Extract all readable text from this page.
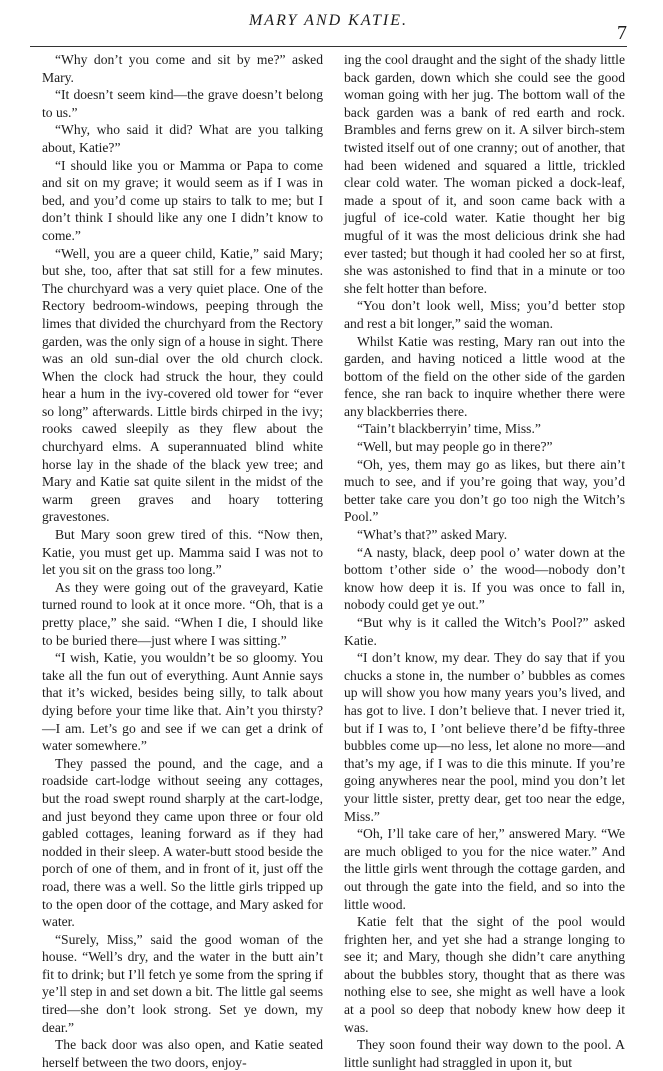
MARY AND KATIE.
7

“Why don’t you come and sit by me?” asked Mary.

“It doesn’t seem kind—the grave doesn’t belong to us.”

“Why, who said it did? What are you talking about, Katie?”

“I should like you or Mamma or Papa to come and sit on my grave; it would seem as if I was in bed, and you’d come up stairs to talk to me; but I don’t think I should like any one I didn’t know to come.”

“Well, you are a queer child, Katie,” said Mary; but she, too, after that sat still for a few minutes. The churchyard was a very quiet place. One of the Rectory bedroom-windows, peeping through the limes that divided the churchyard from the Rectory garden, was the only sign of a house in sight. There was an old sun-dial over the old church clock. When the clock had struck the hour, they could hear a hum in the ivy-covered old tower for “ever so long” afterwards. Little birds chirped in the ivy; rooks cawed sleepily as they flew about the churchyard elms. A superannuated blind white horse lay in the shade of the black yew tree; and Mary and Katie sat quite silent in the midst of the warm green graves and hoary tottering gravestones.

But Mary soon grew tired of this. “Now then, Katie, you must get up. Mamma said I was not to let you sit on the grass too long.”

As they were going out of the graveyard, Katie turned round to look at it once more. “Oh, that is a pretty place,” she said. “When I die, I should like to be buried there—just where I was sitting.”

“I wish, Katie, you wouldn’t be so gloomy. You take all the fun out of everything. Aunt Annie says that it’s wicked, besides being silly, to talk about dying before your time like that. Ain’t you thirsty?—I am. Let’s go and see if we can get a drink of water somewhere.”

They passed the pound, and the cage, and a roadside cart-lodge without seeing any cottages, but the road swept round sharply at the cart-lodge, and just beyond they came upon three or four old gabled cottages, leaning forward as if they had nodded in their sleep. A water-butt stood beside the porch of one of them, and in front of it, just off the road, there was a well. So the little girls tripped up to the open door of the cottage, and Mary asked for water.

“Surely, Miss,” said the good woman of the house. “Well’s dry, and the water in the butt ain’t fit to drink; but I’ll fetch ye some from the spring if ye’ll step in and set down a bit. The little gal seems tired—she don’t look strong. Set ye down, my dear.”

The back door was also open, and Katie seated herself between the two doors, enjoy-

ing the cool draught and the sight of the shady little back garden, down which she could see the good woman going with her jug. The bottom wall of the back garden was a bank of red earth and rock. Brambles and ferns grew on it. A silver birch-stem twisted itself out of one cranny; out of another, that had been widened and squared a little, trickled clear cold water. The woman picked a dock-leaf, made a spout of it, and soon came back with a jugful of ice-cold water. Katie thought her big mugful of it was the most delicious drink she had ever tasted; but though it had cooled her so at first, she was astonished to find that in a minute or too she felt hotter than before.

“You don’t look well, Miss; you’d better stop and rest a bit longer,” said the woman.

Whilst Katie was resting, Mary ran out into the garden, and having noticed a little wood at the bottom of the field on the other side of the garden fence, she ran back to inquire whether there were any blackberries there.

“Tain’t blackberryin’ time, Miss.”

“Well, but may people go in there?”

“Oh, yes, them may go as likes, but there ain’t much to see, and if you’re going that way, you’d better take care you don’t go too nigh the Witch’s Pool.”

“What’s that?” asked Mary.

“A nasty, black, deep pool o’ water down at the bottom t’other side o’ the wood—nobody don’t know how deep it is. If you was once to fall in, nobody could get ye out.”

“But why is it called the Witch’s Pool?” asked Katie.

“I don’t know, my dear. They do say that if you chucks a stone in, the number o’ bubbles as comes up will show you how many years you’s lived, and has got to live. I don’t believe that. I never tried it, but if I was to, I ’ont believe there’d be fifty-three bubbles come up—no less, let alone no more—and that’s my age, if I was to die this minute. If you’re going anywheres near the pool, mind you don’t let your little sister, pretty dear, get too near the edge, Miss.”

“Oh, I’ll take care of her,” answered Mary. “We are much obliged to you for the nice water.” And the little girls went through the cottage garden, and out through the gate into the field, and so into the little wood.

Katie felt that the sight of the pool would frighten her, and yet she had a strange longing to see it; and Mary, though she didn’t care anything about the bubbles story, thought that as there was nothing else to see, she might as well have a look at a pool so deep that nobody knew how deep it was.

They soon found their way down to the pool. A little sunlight had straggled in upon it, but
